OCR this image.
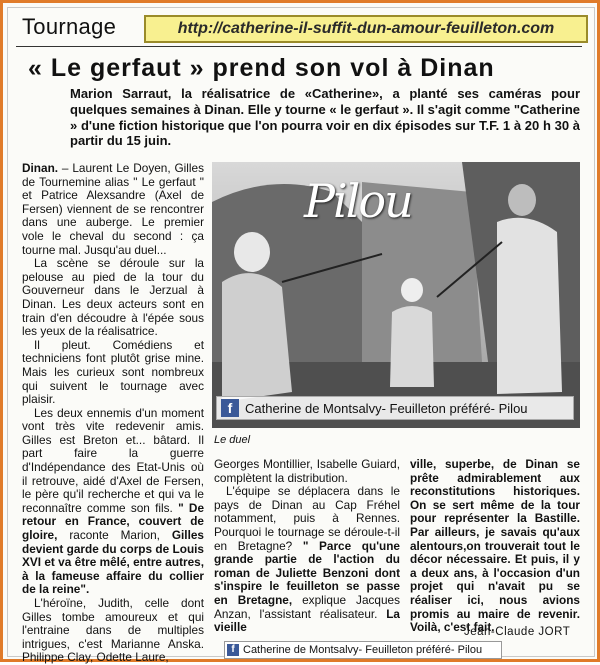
Tournage	http://catherine-il-suffit-dun-amour-feuilleton.com
« Le gerfaut » prend son vol à Dinan
Marion Sarraut, la réalisatrice de «Catherine», a planté ses caméras pour quelques semaines à Dinan. Elle y tourne « le gerfaut ». Il s'agit comme "Catherine » d'une fiction historique que l'on pourra voir en dix épisodes sur T.F. 1 à 20 h 30 à partir du 15 juin.

Dinan. – Laurent Le Doyen, Gilles de Tournemine alias " Le gerfaut " et Patrice Alexsandre (Axel de Fersen) viennent de se rencontrer dans une auberge. Le premier vole le cheval du second : ça tourne mal. Jusqu'au duel...

La scène se déroule sur la pelouse au pied de la tour du Gouverneur dans le Jerzual à Dinan. Les deux acteurs sont en train d'en découdre à l'épée sous les yeux de la réalisatrice.

Il pleut. Comédiens et techniciens font plutôt grise mine. Mais les curieux sont nombreux qui suivent le tournage avec plaisir.

Les deux ennemis d'un moment vont très vite redevenir amis. Gilles est Breton et... bâtard. Il part faire la guerre d'Indépendance des Etat-Unis où il retrouve, aidé d'Axel de Fersen, le père qu'il recherche et qui va le reconnaître comme son fils. " De retour en France, couvert de gloire, raconte Marion, Gilles devient garde du corps de Louis XVI et va être mêlé, entre autres, à la fameuse affaire du collier de la reine".

L'héroïne, Judith, celle dont Gilles tombe amoureux et qui l'entraine dans de multiples intrigues, c'est Marianne Anska. Philippe Clay, Odette Laure,

Pilou
f Catherine de Montsalvy- Feuilleton préféré- Pilou
Le duel

Georges Montillier, Isabelle Guiard, complètent la distribution.

L'équipe se déplacera dans le pays de Dinan au Cap Fréhel notamment, puis à Rennes. Pourquoi le tournage se déroule-t-il en Bretagne? " Parce qu'une grande partie de l'action du roman de Juliette Benzoni dont s'inspire le feuilleton se passe en Bretagne, explique Jacques Anzan, l'assistant réalisateur. La vieille

ville, superbe, de Dinan se prête admirablement aux reconstitutions historiques. On se sert même de la tour pour représenter la Bastille. Par ailleurs, je savais qu'aux alentours,on trouverait tout le décor nécessaire. Et puis, il y a deux ans, à l'occasion d'un projet qui n'avait pu se réaliser ici, nous avions promis au maire de revenir. Voilà, c'est fait.

Jean-Claude JORT
f Catherine de Montsalvy- Feuilleton préféré- Pilou
